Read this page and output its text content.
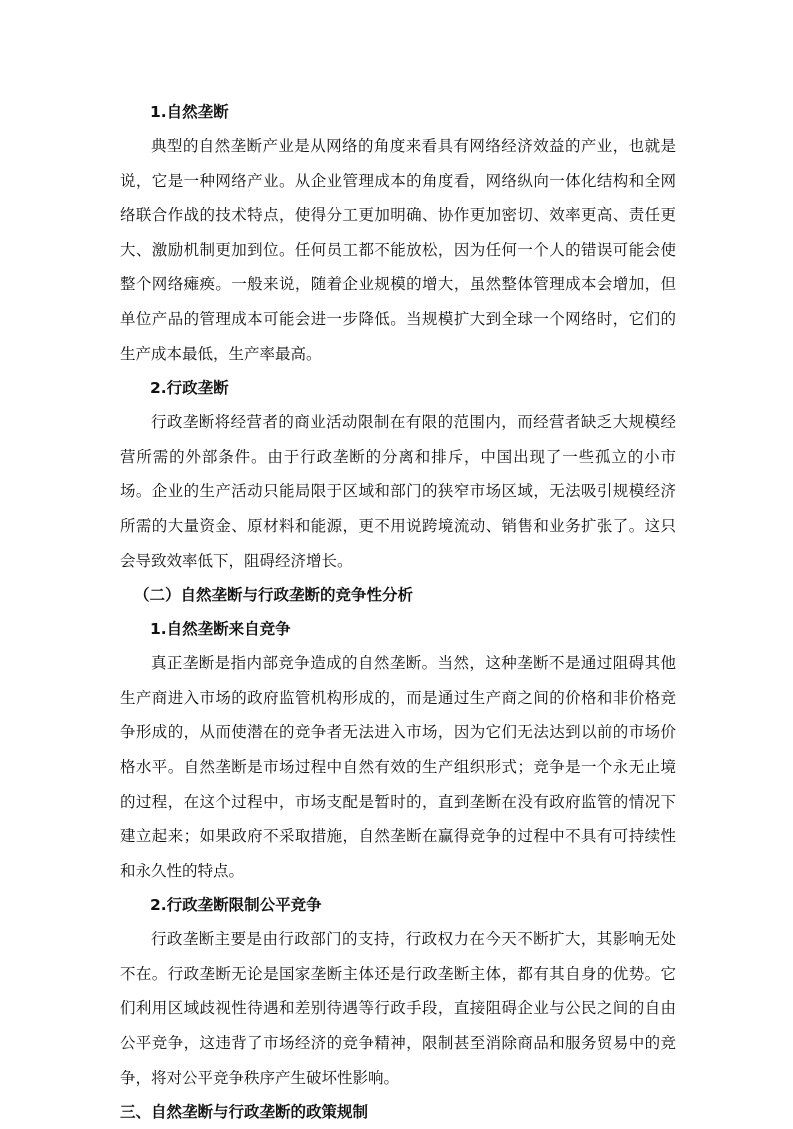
1.自然垄断

典型的自然垄断产业是从网络的角度来看具有网络经济效益的产业，也就是说，它是一种网络产业。从企业管理成本的角度看，网络纵向一体化结构和全网络联合作战的技术特点，使得分工更加明确、协作更加密切、效率更高、责任更大、激励机制更加到位。任何员工都不能放松，因为任何一个人的错误可能会使整个网络瘫痪。一般来说，随着企业规模的增大，虽然整体管理成本会增加，但单位产品的管理成本可能会进一步降低。当规模扩大到全球一个网络时，它们的生产成本最低，生产率最高。

2.行政垄断

行政垄断将经营者的商业活动限制在有限的范围内，而经营者缺乏大规模经营所需的外部条件。由于行政垄断的分离和排斥，中国出现了一些孤立的小市场。企业的生产活动只能局限于区域和部门的狭窄市场区域，无法吸引规模经济所需的大量资金、原材料和能源，更不用说跨境流动、销售和业务扩张了。这只会导致效率低下，阻碍经济增长。

（二）自然垄断与行政垄断的竞争性分析
1.自然垄断来自竞争

真正垄断是指内部竞争造成的自然垄断。当然，这种垄断不是通过阻碍其他生产商进入市场的政府监管机构形成的，而是通过生产商之间的价格和非价格竞争形成的，从而使潜在的竞争者无法进入市场，因为它们无法达到以前的市场价格水平。自然垄断是市场过程中自然有效的生产组织形式；竞争是一个永无止境的过程，在这个过程中，市场支配是暂时的，直到垄断在没有政府监管的情况下建立起来；如果政府不采取措施，自然垄断在赢得竞争的过程中不具有可持续性和永久性的特点。

2.行政垄断限制公平竞争

行政垄断主要是由行政部门的支持，行政权力在今天不断扩大，其影响无处不在。行政垄断无论是国家垄断主体还是行政垄断主体，都有其自身的优势。它们利用区域歧视性待遇和差别待遇等行政手段，直接阻碍企业与公民之间的自由公平竞争，这违背了市场经济的竞争精神，限制甚至消除商品和服务贸易中的竞争，将对公平竞争秩序产生破坏性影响。

三、自然垄断与行政垄断的政策规制
